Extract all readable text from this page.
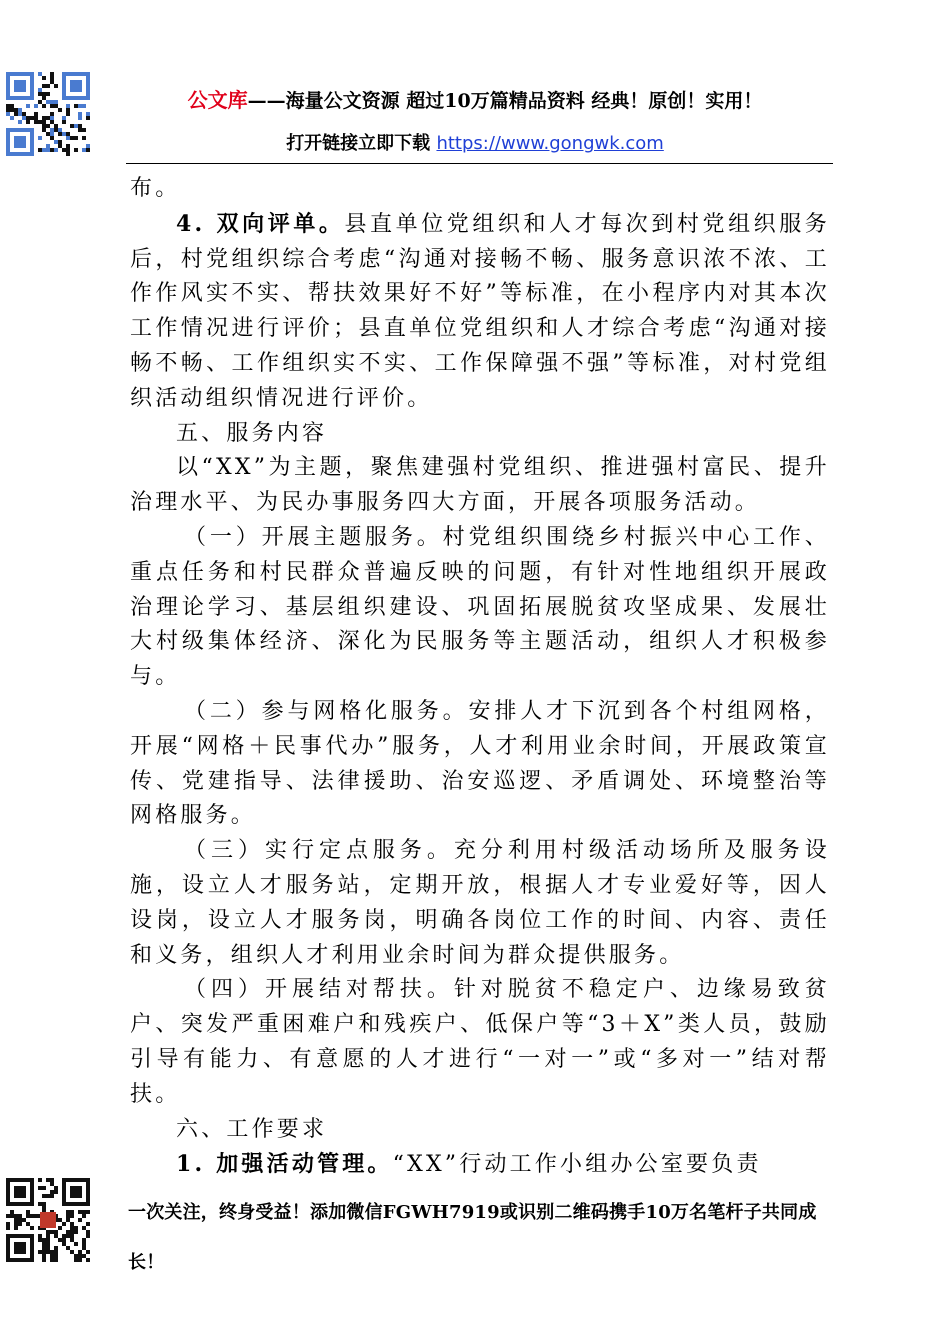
公文库——海量公文资源 超过10万篇精品资料 经典！原创！实用！
打开链接立即下载 https://www.gongwk.com

布。

4. 双向评单。县直单位党组织和人才每次到村党组织服务后，村党组织综合考虑“沟通对接畅不畅、服务意识浓不浓、工作作风实不实、帮扶效果好不好”等标准，在小程序内对其本次工作情况进行评价；县直单位党组织和人才综合考虑“沟通对接畅不畅、工作组织实不实、工作保障强不强”等标准，对村党组织活动组织情况进行评价。

五、服务内容

以“XX”为主题，聚焦建强村党组织、推进强村富民、提升治理水平、为民办事服务四大方面，开展各项服务活动。

（一）开展主题服务。村党组织围绕乡村振兴中心工作、重点任务和村民群众普遍反映的问题，有针对性地组织开展政治理论学习、基层组织建设、巩固拓展脱贫攻坚成果、发展壮大村级集体经济、深化为民服务等主题活动，组织人才积极参与。

（二）参与网格化服务。安排人才下沉到各个村组网格，开展“网格＋民事代办”服务，人才利用业余时间，开展政策宣传、党建指导、法律援助、治安巡逻、矛盾调处、环境整治等网格服务。

（三）实行定点服务。充分利用村级活动场所及服务设施，设立人才服务站，定期开放，根据人才专业爱好等，因人设岗，设立人才服务岗，明确各岗位工作的时间、内容、责任和义务，组织人才利用业余时间为群众提供服务。

（四）开展结对帮扶。针对脱贫不稳定户、边缘易致贫户、突发严重困难户和残疾户、低保户等“3＋X”类人员，鼓励引导有能力、有意愿的人才进行“一对一”或“多对一”结对帮扶。

六、工作要求

1. 加强活动管理。“XX”行动工作小组办公室要负责

一次关注，终身受益！添加微信FGWH7919或识别二维码携手10万名笔杆子共同成长！
